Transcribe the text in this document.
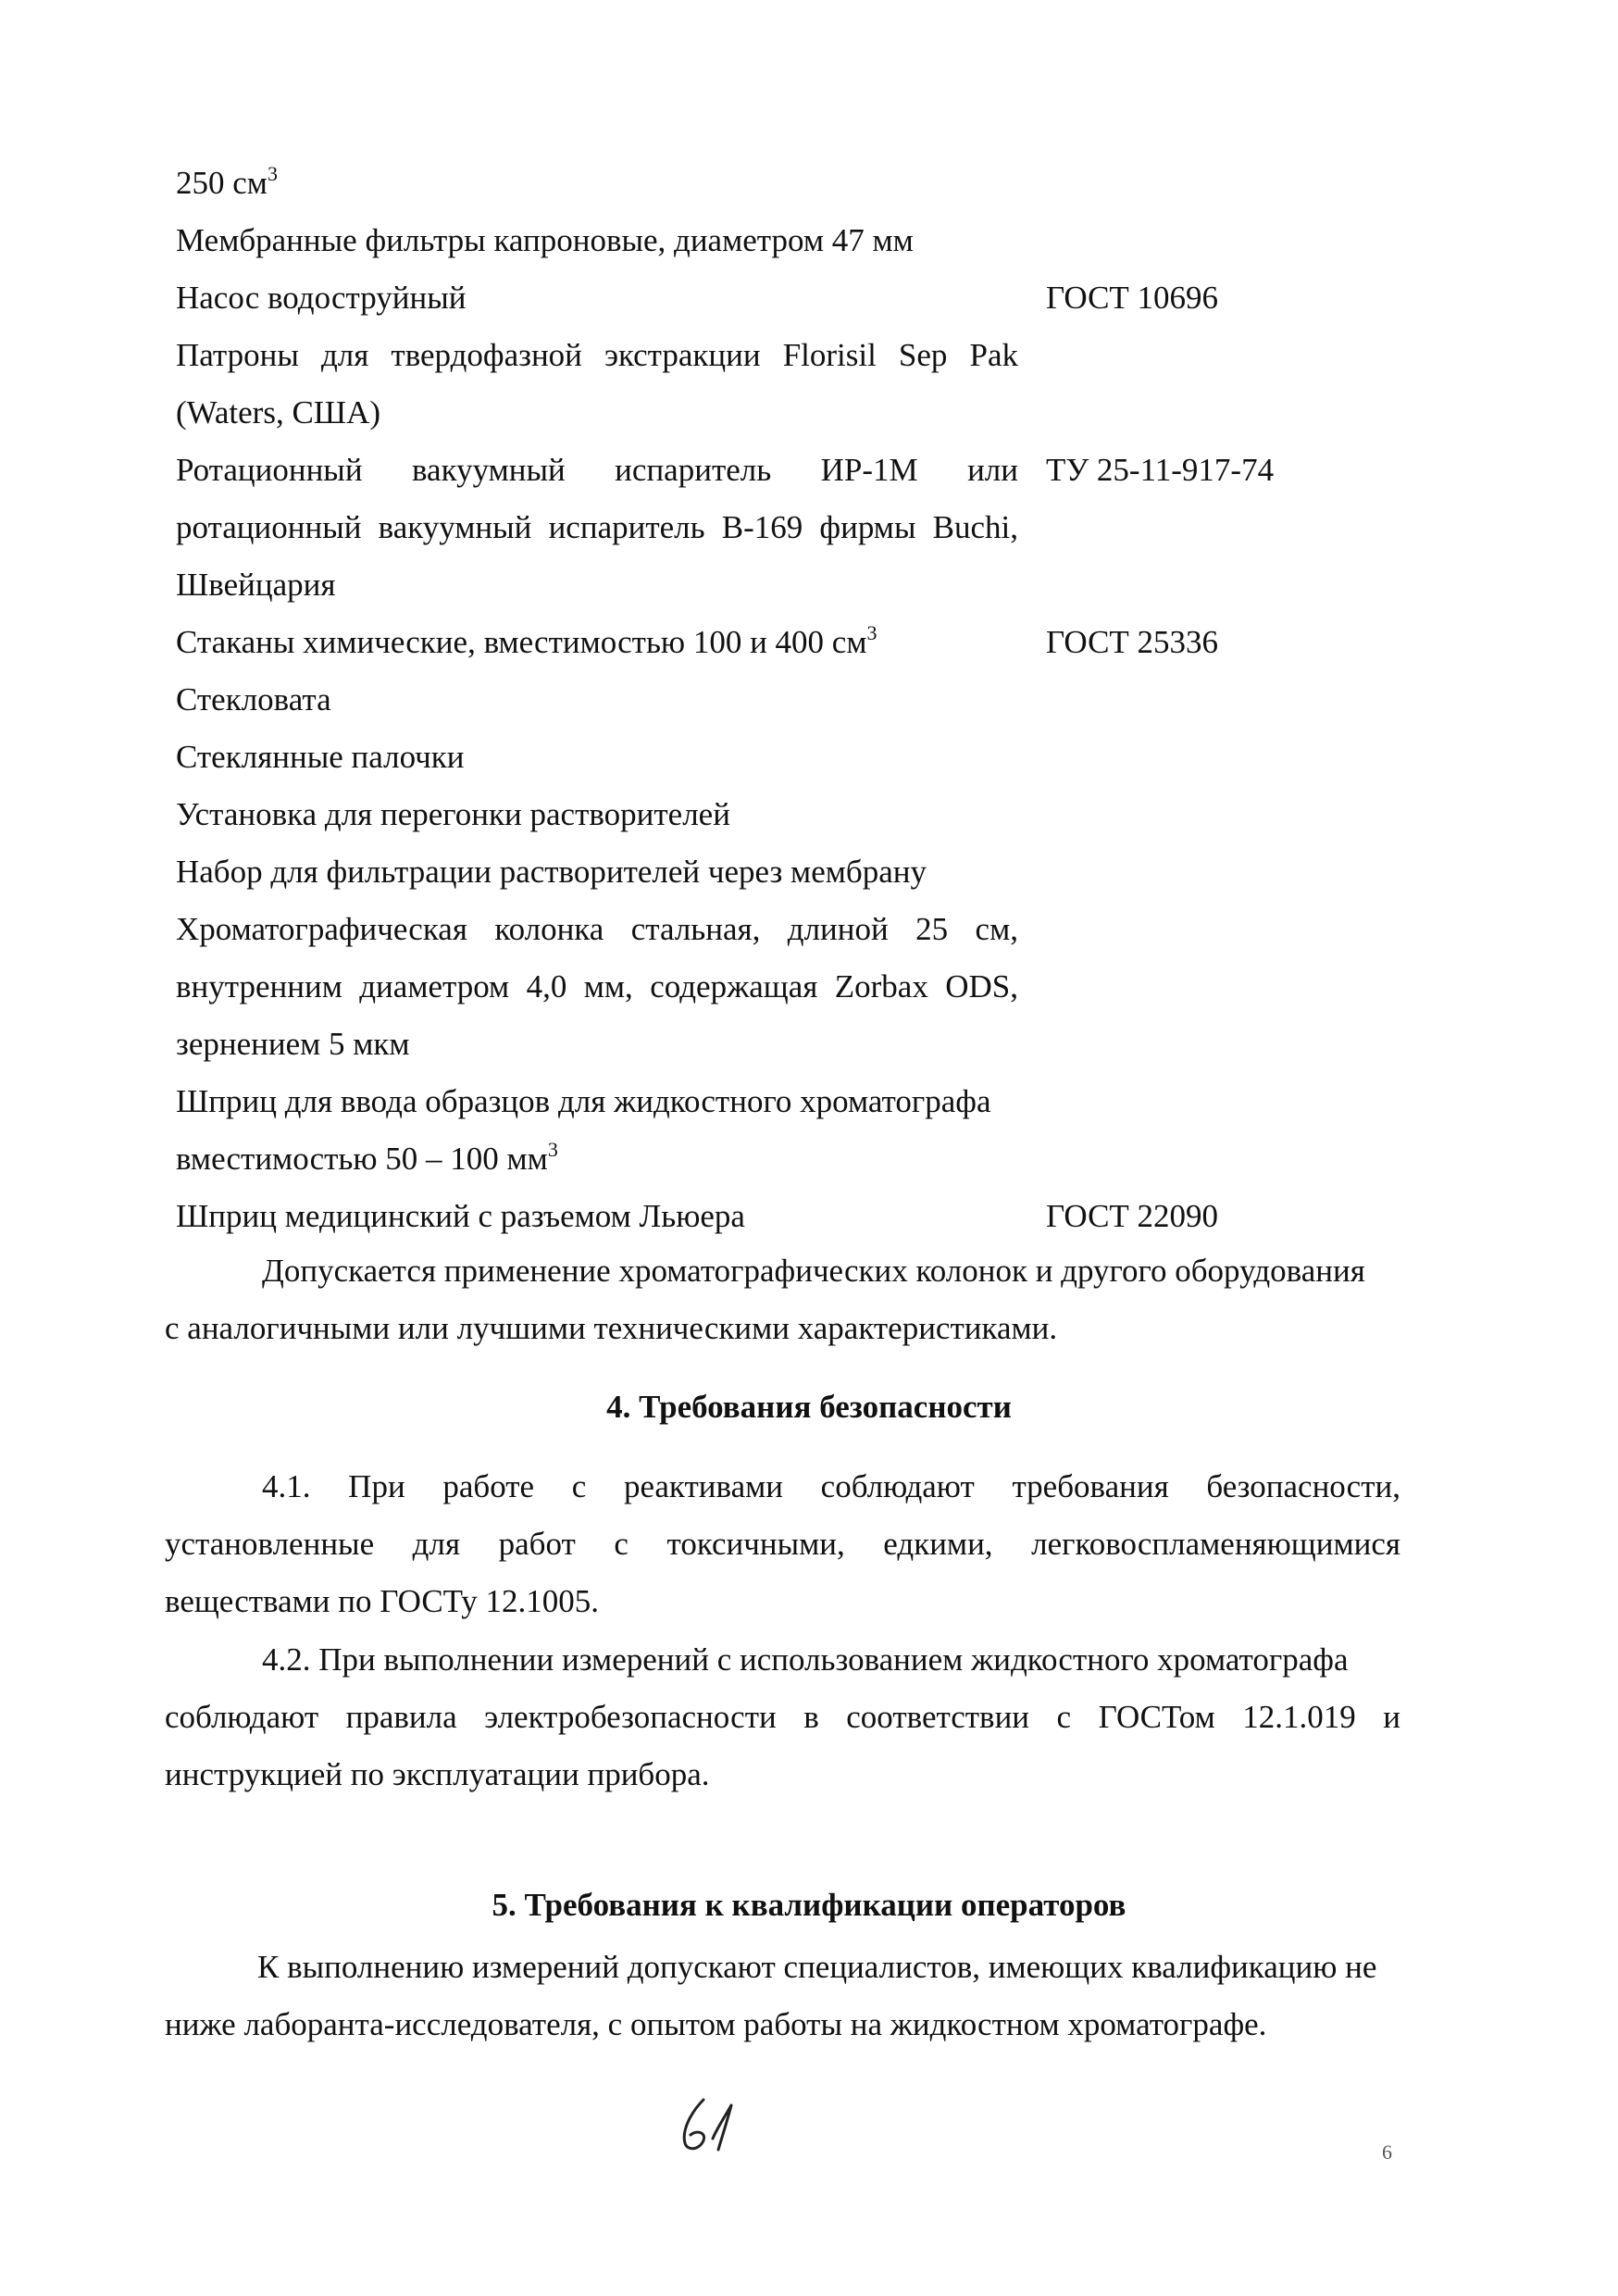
250 $см^3$
Мембранные фильтры капроновые, диаметром 47 мм
Насос водоструйный	ГОСТ 10696
Патроны для твердофазной экстракции Florisil Sep Pak
(Waters, США)
Ротационный вакуумный испаритель ИР-1М или ТУ 25-11-917-74
ротационный вакуумный испаритель В-169 фирмы Buchi,
Швейцария
Стаканы химические, вместимостью 100 и 400 $см^3$	ГОСТ 25336
Стекловата
Стеклянные палочки
Установка для перегонки растворителей
Набор для фильтрации растворителей через мембрану
Хроматографическая колонка стальная, длиной 25 см,
внутренним диаметром 4,0 мм, содержащая Zorbax ODS,
зернением 5 мкм
Шприц для ввода образцов для жидкостного хроматографа
вместимостью 50 – 100 $мм^3$
Шприц медицинский с разъемом Льюера	ГОСТ 22090
Допускается применение хроматографических колонок и другого оборудования
с аналогичными или лучшими техническими характеристиками.
4. Требования безопасности
4.1. При работе с реактивами соблюдают требования безопасности,
установленные для работ с токсичными, едкими, легковоспламеняющимися
веществами по ГОСТу 12.1005.
4.2. При выполнении измерений с использованием жидкостного хроматографа
соблюдают правила электробезопасности в соответствии с ГОСТом 12.1.019 и
инструкцией по эксплуатации прибора.
5. Требования к квалификации операторов
К выполнению измерений допускают специалистов, имеющих квалификацию не
ниже лаборанта-исследователя, с опытом работы на жидкостном хроматографе.
6
